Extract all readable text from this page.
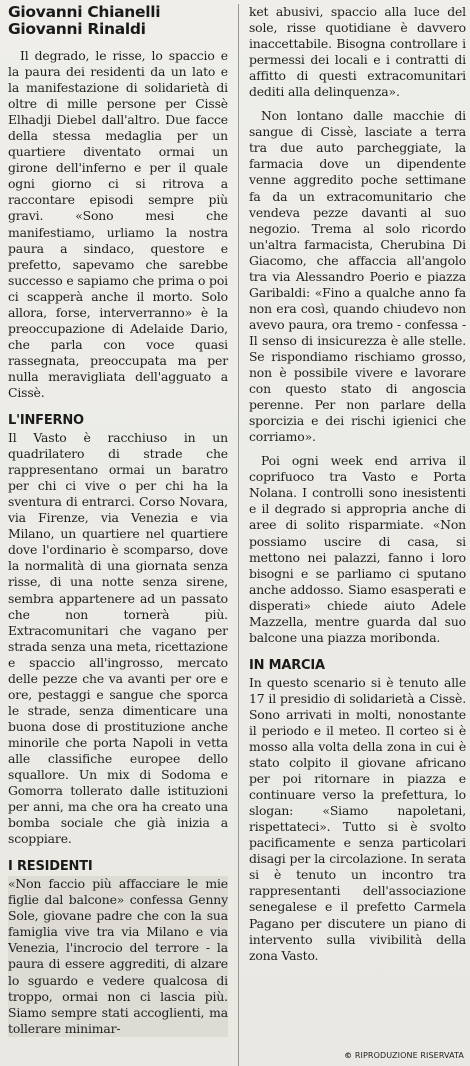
Giovanni Chianelli
Giovanni Rinaldi

Il degrado, le risse, lo spaccio e la paura dei residenti da un lato e la manifestazione di solidarietà di oltre di mille persone per Cissè Elhadji Diebel dall'altro. Due facce della stessa medaglia per un quartiere diventato ormai un girone dell'inferno e per il quale ogni giorno ci si ritrova a raccontare episodi sempre più gravi. «Sono mesi che manifestiamo, urliamo la nostra paura a sindaco, questore e prefetto, sapevamo che sarebbe successo e sapiamo che prima o poi ci scapperà anche il morto. Solo allora, forse, interverranno» è la preoccupazione di Adelaide Dario, che parla con voce quasi rassegnata, preoccupata ma per nulla meravigliata dell'agguato a Cissè.

L'INFERNO

Il Vasto è racchiuso in un quadrilatero di strade che rappresentano ormai un baratro per chi ci vive o per chi ha la sventura di entrarci. Corso Novara, via Firenze, via Venezia e via Milano, un quartiere nel quartiere dove l'ordinario è scomparso, dove la normalità di una giornata senza risse, di una notte senza sirene, sembra appartenere ad un passato che non tornerà più. Extracomunitari che vagano per strada senza una meta, ricettazione e spaccio all'ingrosso, mercato delle pezze che va avanti per ore e ore, pestaggi e sangue che sporca le strade, senza dimenticare una buona dose di prostituzione anche minorile che porta Napoli in vetta alle classifiche europee dello squallore. Un mix di Sodoma e Gomorra tollerato dalle istituzioni per anni, ma che ora ha creato una bomba sociale che già inizia a scoppiare.

I RESIDENTI

«Non faccio più affacciare le mie figlie dal balcone» confessa Genny Sole, giovane padre che con la sua famiglia vive tra via Milano e via Venezia, l'incrocio del terrore - la paura di essere aggrediti, di alzare lo sguardo e vedere qualcosa di troppo, ormai non ci lascia più. Siamo sempre stati accoglienti, ma tollerare minimar-

ket abusivi, spaccio alla luce del sole, risse quotidiane è davvero inaccettabile. Bisogna controllare i permessi dei locali e i contratti di affitto di questi extracomunitari dediti alla delinquenza».

Non lontano dalle macchie di sangue di Cissè, lasciate a terra tra due auto parcheggiate, la farmacia dove un dipendente venne aggredito poche settimane fa da un extracomunitario che vendeva pezze davanti al suo negozio. Trema al solo ricordo un'altra farmacista, Cherubina Di Giacomo, che affaccia all'angolo tra via Alessandro Poerio e piazza Garibaldi: «Fino a qualche anno fa non era così, quando chiudevo non avevo paura, ora tremo - confessa - Il senso di insicurezza è alle stelle. Se rispondiamo rischiamo grosso, non è possibile vivere e lavorare con questo stato di angoscia perenne. Per non parlare della sporcizia e dei rischi igienici che corriamo».

Poi ogni week end arriva il coprifuoco tra Vasto e Porta Nolana. I controlli sono inesistenti e il degrado si appropria anche di aree di solito risparmiate. «Non possiamo uscire di casa, si mettono nei palazzi, fanno i loro bisogni e se parliamo ci sputano anche addosso. Siamo esasperati e disperati» chiede aiuto Adele Mazzella, mentre guarda dal suo balcone una piazza moribonda.

IN MARCIA

In questo scenario si è tenuto alle 17 il presidio di solidarietà a Cissè. Sono arrivati in molti, nonostante il periodo e il meteo. Il corteo si è mosso alla volta della zona in cui è stato colpito il giovane africano per poi ritornare in piazza e continuare verso la prefettura, lo slogan: «Siamo napoletani, rispettateci». Tutto si è svolto pacificamente e senza particolari disagi per la circolazione. In serata si è tenuto un incontro tra rappresentanti dell'associazione senegalese e il prefetto Carmela Pagano per discutere un piano di intervento sulla vivibilità della zona Vasto.

© RIPRODUZIONE RISERVATA
